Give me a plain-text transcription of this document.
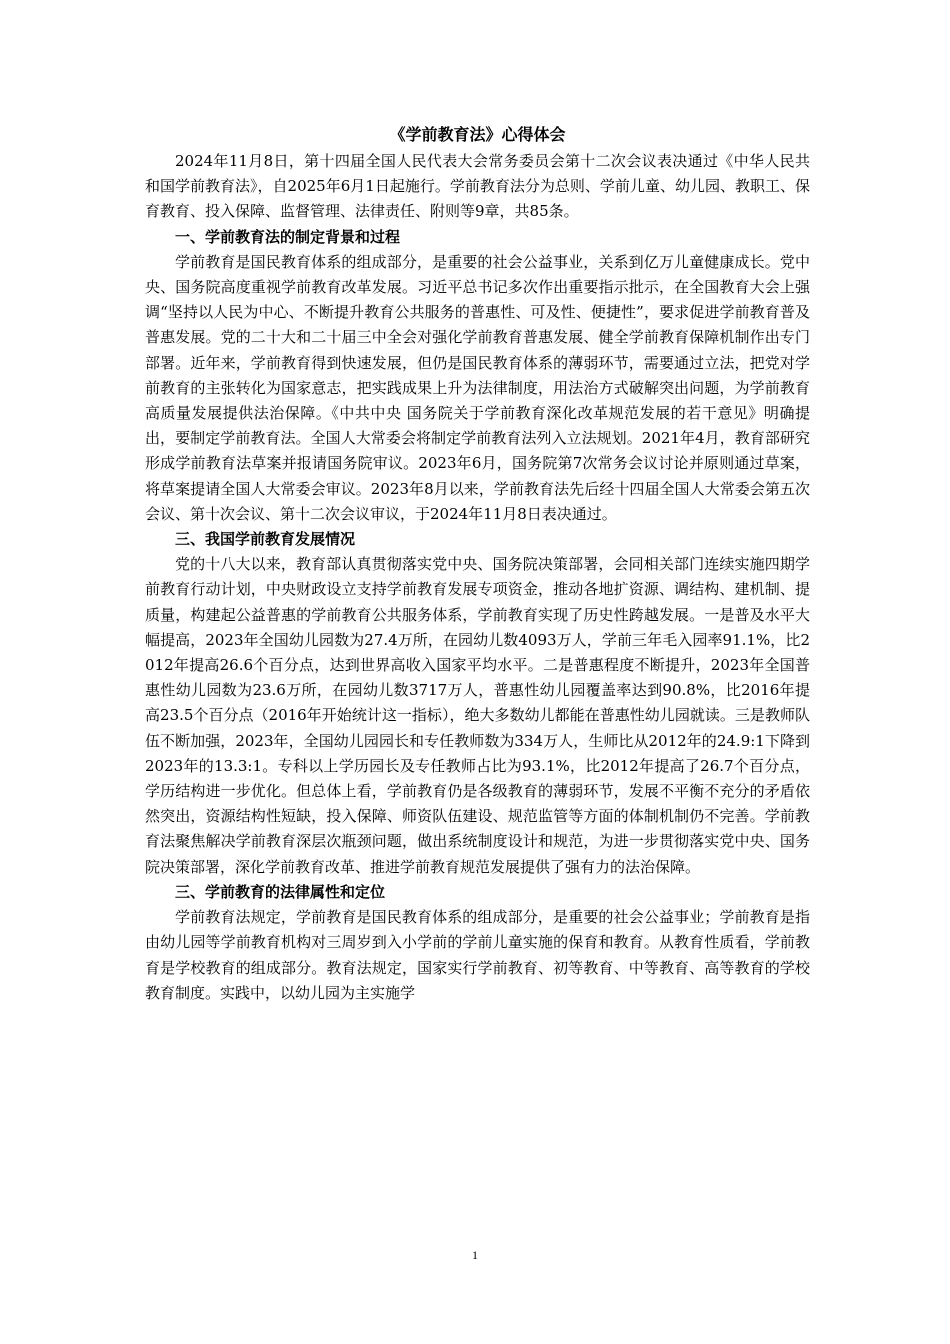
《学前教育法》心得体会

2024年11月8日，第十四届全国人民代表大会常务委员会第十二次会议表决通过《中华人民共和国学前教育法》，自2025年6月1日起施行。学前教育法分为总则、学前儿童、幼儿园、教职工、保育教育、投入保障、监督管理、法律责任、附则等9章，共85条。

一、学前教育法的制定背景和过程

学前教育是国民教育体系的组成部分，是重要的社会公益事业，关系到亿万儿童健康成长。党中央、国务院高度重视学前教育改革发展。习近平总书记多次作出重要指示批示，在全国教育大会上强调“坚持以人民为中心、不断提升教育公共服务的普惠性、可及性、便捷性”，要求促进学前教育普及普惠发展。党的二十大和二十届三中全会对强化学前教育普惠发展、健全学前教育保障机制作出专门部署。近年来，学前教育得到快速发展，但仍是国民教育体系的薄弱环节，需要通过立法，把党对学前教育的主张转化为国家意志，把实践成果上升为法律制度，用法治方式破解突出问题，为学前教育高质量发展提供法治保障。《中共中央 国务院关于学前教育深化改革规范发展的若干意见》明确提出，要制定学前教育法。全国人大常委会将制定学前教育法列入立法规划。2021年4月，教育部研究形成学前教育法草案并报请国务院审议。2023年6月，国务院第7次常务会议讨论并原则通过草案，将草案提请全国人大常委会审议。2023年8月以来，学前教育法先后经十四届全国人大常委会第五次会议、第十次会议、第十二次会议审议，于2024年11月8日表决通过。

三、我国学前教育发展情况

党的十八大以来，教育部认真贯彻落实党中央、国务院决策部署，会同相关部门连续实施四期学前教育行动计划，中央财政设立支持学前教育发展专项资金，推动各地扩资源、调结构、建机制、提质量，构建起公益普惠的学前教育公共服务体系，学前教育实现了历史性跨越发展。一是普及水平大幅提高，2023年全国幼儿园数为27.4万所，在园幼儿数4093万人，学前三年毛入园率91.1%，比2012年提高26.6个百分点，达到世界高收入国家平均水平。二是普惠程度不断提升，2023年全国普惠性幼儿园数为23.6万所，在园幼儿数3717万人，普惠性幼儿园覆盖率达到90.8%，比2016年提高23.5个百分点（2016年开始统计这一指标），绝大多数幼儿都能在普惠性幼儿园就读。三是教师队伍不断加强，2023年，全国幼儿园园长和专任教师数为334万人，生师比从2012年的24.9:1下降到2023年的13.3:1。专科以上学历园长及专任教师占比为93.1%，比2012年提高了26.7个百分点，学历结构进一步优化。但总体上看，学前教育仍是各级教育的薄弱环节，发展不平衡不充分的矛盾依然突出，资源结构性短缺，投入保障、师资队伍建设、规范监管等方面的体制机制仍不完善。学前教育法聚焦解决学前教育深层次瓶颈问题，做出系统制度设计和规范，为进一步贯彻落实党中央、国务院决策部署，深化学前教育改革、推进学前教育规范发展提供了强有力的法治保障。

三、学前教育的法律属性和定位

学前教育法规定，学前教育是国民教育体系的组成部分，是重要的社会公益事业；学前教育是指由幼儿园等学前教育机构对三周岁到入小学前的学前儿童实施的保育和教育。从教育性质看，学前教育是学校教育的组成部分。教育法规定，国家实行学前教育、初等教育、中等教育、高等教育的学校教育制度。实践中，以幼儿园为主实施学

1
